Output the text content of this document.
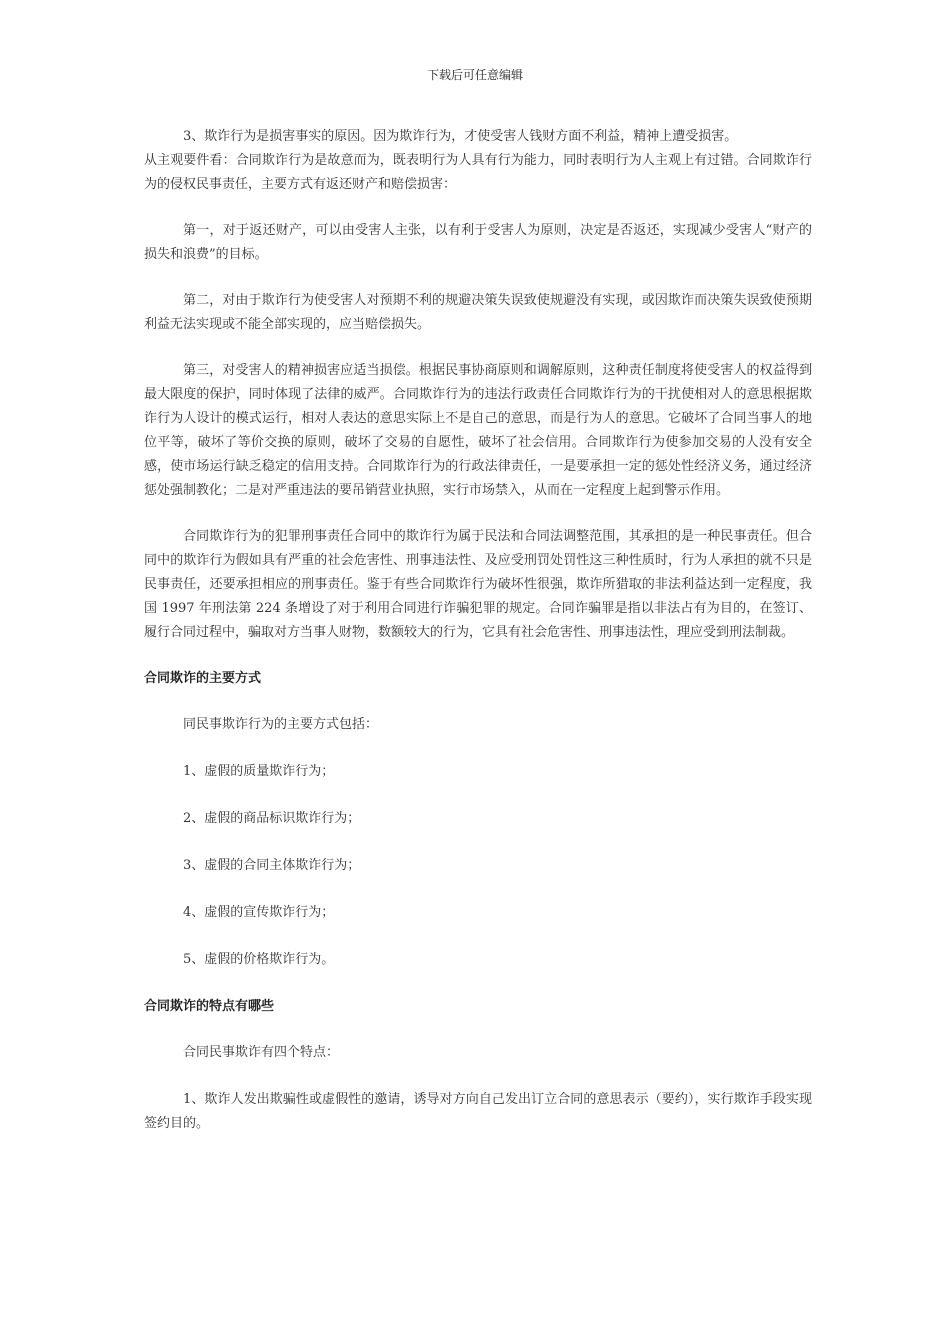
下载后可任意编辑
3、欺诈行为是损害事实的原因。因为欺诈行为，才使受害人钱财方面不利益，精神上遭受损害。
从主观要件看：合同欺诈行为是故意而为，既表明行为人具有行为能力，同时表明行为人主观上有过错。合同欺诈行为的侵权民事责任，主要方式有返还财产和赔偿损害：
第一，对于返还财产，可以由受害人主张，以有利于受害人为原则，决定是否返还，实现减少受害人“财产的损失和浪费”的目标。
第二，对由于欺诈行为使受害人对预期不利的规避决策失误致使规避没有实现，或因欺诈而决策失误致使预期利益无法实现或不能全部实现的，应当赔偿损失。
第三，对受害人的精神损害应适当损偿。根据民事协商原则和调解原则，这种责任制度将使受害人的权益得到最大限度的保护，同时体现了法律的威严。合同欺诈行为的违法行政责任合同欺诈行为的干扰使相对人的意思根据欺诈行为人设计的模式运行，相对人表达的意思实际上不是自己的意思，而是行为人的意思。它破坏了合同当事人的地位平等，破坏了等价交换的原则，破坏了交易的自愿性，破坏了社会信用。合同欺诈行为使参加交易的人没有安全感，使市场运行缺乏稳定的信用支持。合同欺诈行为的行政法律责任，一是要承担一定的惩处性经济义务，通过经济惩处强制教化；二是对严重违法的要吊销营业执照，实行市场禁入，从而在一定程度上起到警示作用。
合同欺诈行为的犯罪刑事责任合同中的欺诈行为属于民法和合同法调整范围，其承担的是一种民事责任。但合同中的欺诈行为假如具有严重的社会危害性、刑事违法性、及应受刑罚处罚性这三种性质时，行为人承担的就不只是民事责任，还要承担相应的刑事责任。鉴于有些合同欺诈行为破坏性很强，欺诈所猎取的非法利益达到一定程度，我国 1997 年刑法第 224 条增设了对于利用合同进行诈骗犯罪的规定。合同诈骗罪是指以非法占有为目的，在签订、履行合同过程中，骗取对方当事人财物，数额较大的行为，它具有社会危害性、刑事违法性，理应受到刑法制裁。
合同欺诈的主要方式
同民事欺诈行为的主要方式包括：
1、虚假的质量欺诈行为；
2、虚假的商品标识欺诈行为；
3、虚假的合同主体欺诈行为；
4、虚假的宣传欺诈行为；
5、虚假的价格欺诈行为。
合同欺诈的特点有哪些
合同民事欺诈有四个特点：
1、欺诈人发出欺骗性或虚假性的邀请，诱导对方向自己发出订立合同的意思表示（要约），实行欺诈手段实现签约目的。
